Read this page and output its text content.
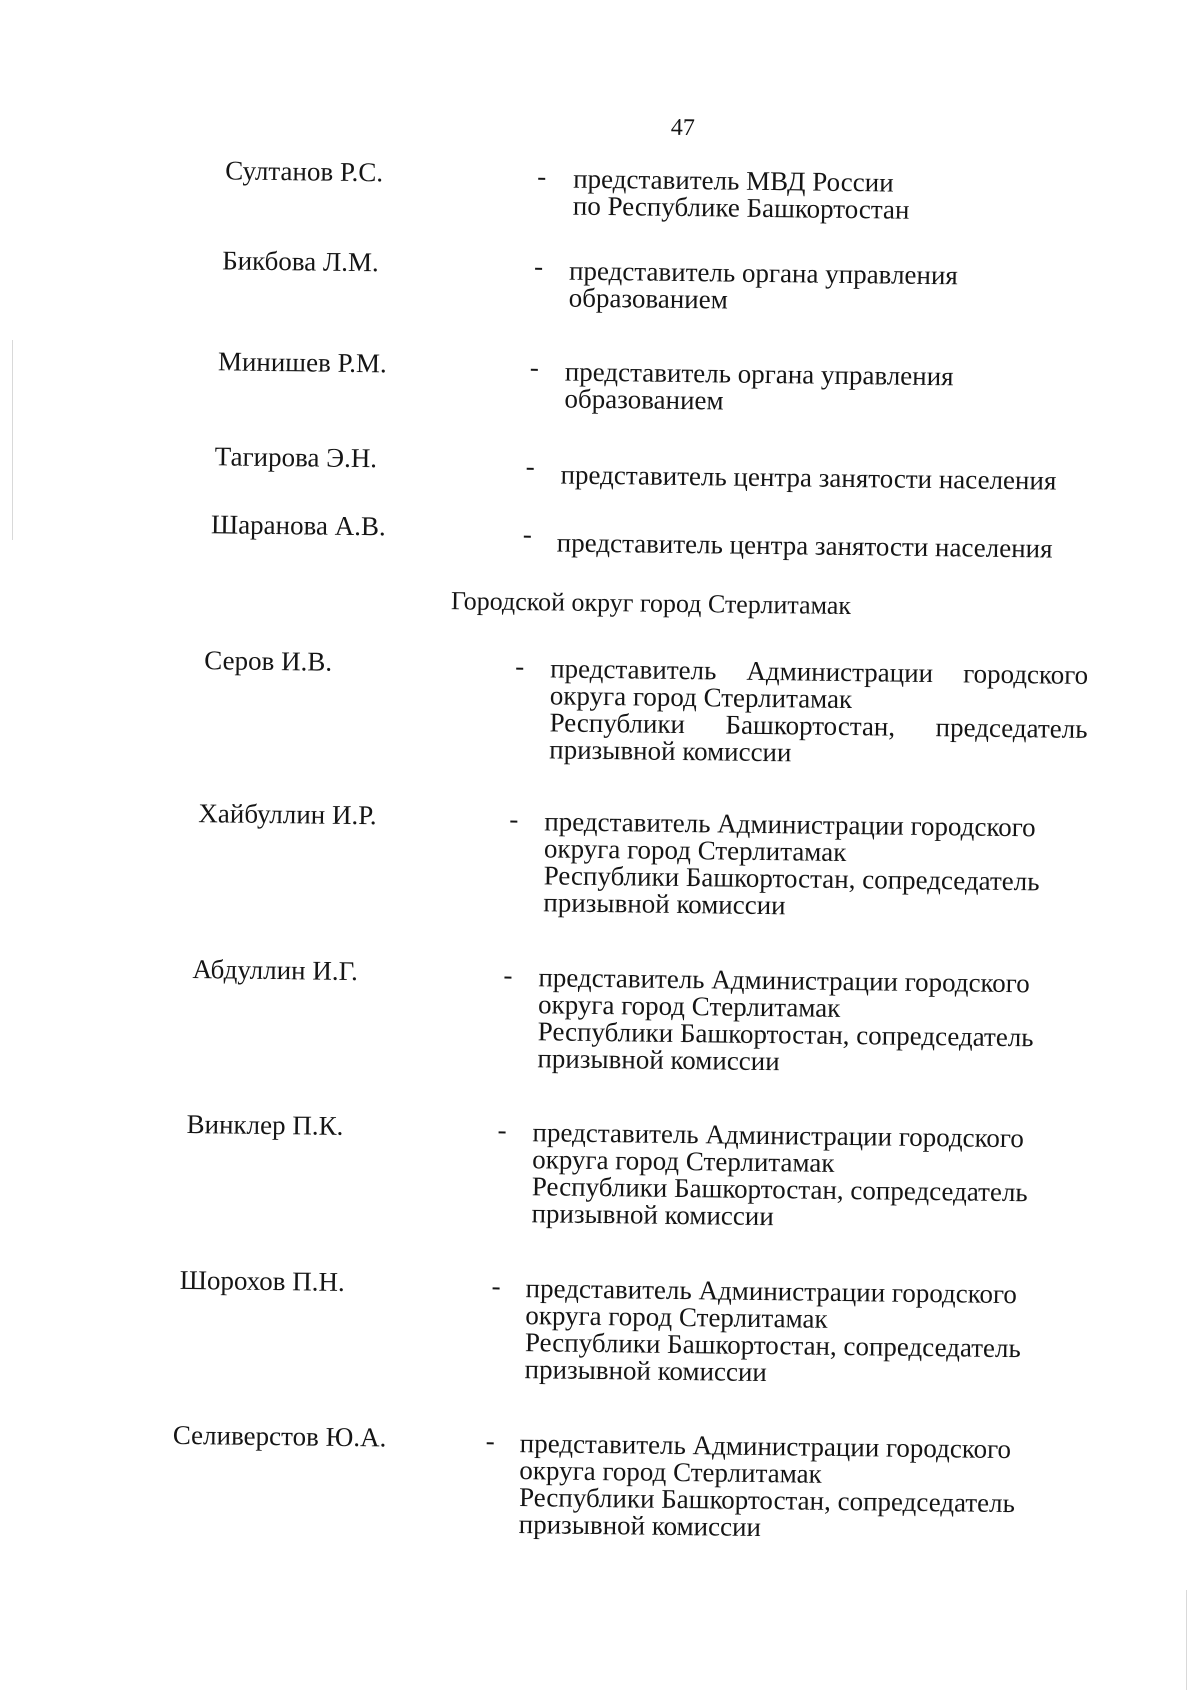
47
Султанов Р.С.	- представитель МВД России
по Республике Башкортостан
Бикбова Л.М.	- представитель органа управления
образованием
Минишев Р.М.	- представитель органа управления
образованием
Тагирова Э.Н.	- представитель центра занятости населения
Шаранова А.В.	- представитель центра занятости населения
Городской округ город Стерлитамак
Серов И.В.	- представитель Администрации городского
округа город Стерлитамак
Республики Башкортостан, председатель
призывной комиссии
Хайбуллин И.Р.	- представитель Администрации городского
округа город Стерлитамак
Республики Башкортостан, сопредседатель
призывной комиссии
Абдуллин И.Г.	- представитель Администрации городского
округа город Стерлитамак
Республики Башкортостан, сопредседатель
призывной комиссии
Винклер П.К.	- представитель Администрации городского
округа город Стерлитамак
Республики Башкортостан, сопредседатель
призывной комиссии
Шорохов П.Н.	- представитель Администрации городского
округа город Стерлитамак
Республики Башкортостан, сопредседатель
призывной комиссии
Селиверстов Ю.А.	- представитель Администрации городского
округа город Стерлитамак
Республики Башкортостан, сопредседатель
призывной комиссии
